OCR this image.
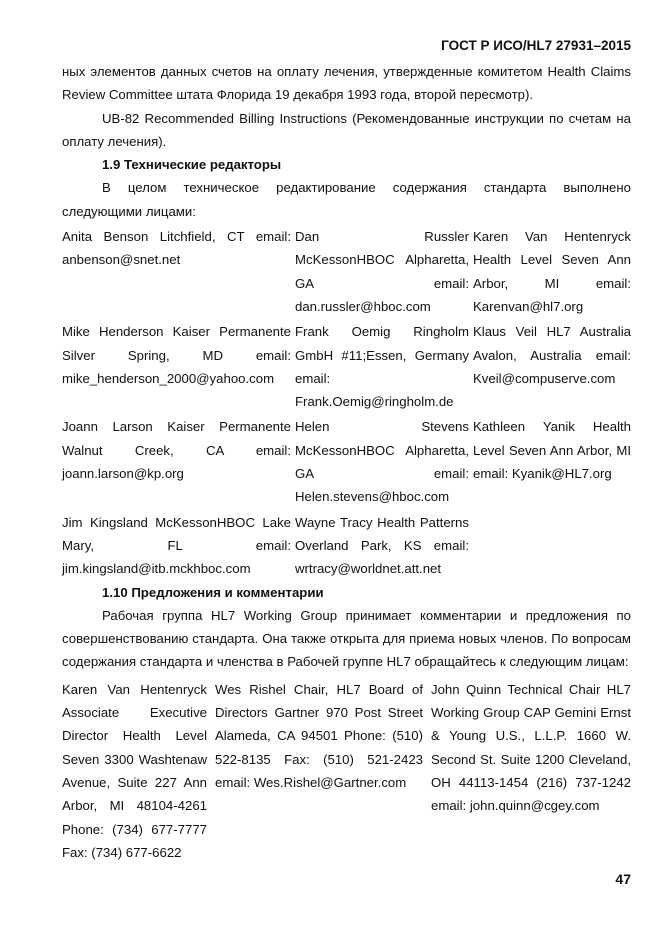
ГОСТ Р ИСО/HL7 27931–2015

ных элементов данных счетов на оплату лечения, утвержденные комитетом Health Claims Review Committee штата Флорида 19 декабря 1993 года, второй пересмотр).

UB-82 Recommended Billing Instructions (Рекомендованные инструкции по счетам на оплату лечения).

1.9 Технические редакторы

В целом техническое редактирование содержания стандарта выполнено следующими лицами:

Anita Benson Litchfield, CT email: anbenson@snet.net
Dan Russler McKessonHBOC Alpharetta, GA email: dan.russler@hboc.com
Karen Van Hentenryck Health Level Seven Ann Arbor, MI email: Karenvan@hl7.org
Mike Henderson Kaiser Permanente Silver Spring, MD email: mike_henderson_2000@yahoo.com
Frank Oemig Ringholm GmbH #11;Essen, Germany email: Frank.Oemig@ringholm.de
Klaus Veil HL7 Australia Avalon, Australia email: Kveil@compuserve.com
Joann Larson Kaiser Permanente Walnut Creek, CA email: joann.larson@kp.org
Helen Stevens McKessonHBOC Alpharetta, GA email: Helen.stevens@hboc.com
Kathleen Yanik Health Level Seven Ann Arbor, MI email: Kyanik@HL7.org
Jim Kingsland McKessonHBOC Lake Mary, FL email: jim.kingsland@itb.mckhboc.com
Wayne Tracy Health Patterns Overland Park, KS email: wrtracy@worldnet.att.net

1.10 Предложения и комментарии

Рабочая группа HL7 Working Group принимает комментарии и предложения по совершенствованию стандарта. Она также открыта для приема новых членов. По вопросам содержания стандарта и членства в Рабочей группе HL7 обращайтесь к следующим лицам:

Karen Van Hentenryck Associate Executive Director Health Level Seven 3300 Washtenaw Avenue, Suite 227 Ann Arbor, MI 48104-4261 Phone: (734) 677-7777 Fax: (734) 677-6622
Wes Rishel Chair, HL7 Board of Directors Gartner 970 Post Street Alameda, CA 94501 Phone: (510) 522-8135 Fax: (510) 521-2423 email: Wes.Rishel@Gartner.com
John Quinn Technical Chair HL7 Working Group CAP Gemini Ernst & Young U.S., L.L.P. 1660 W. Second St. Suite 1200 Cleveland, OH 44113-1454 (216) 737-1242 email: john.quinn@cgey.com
47
